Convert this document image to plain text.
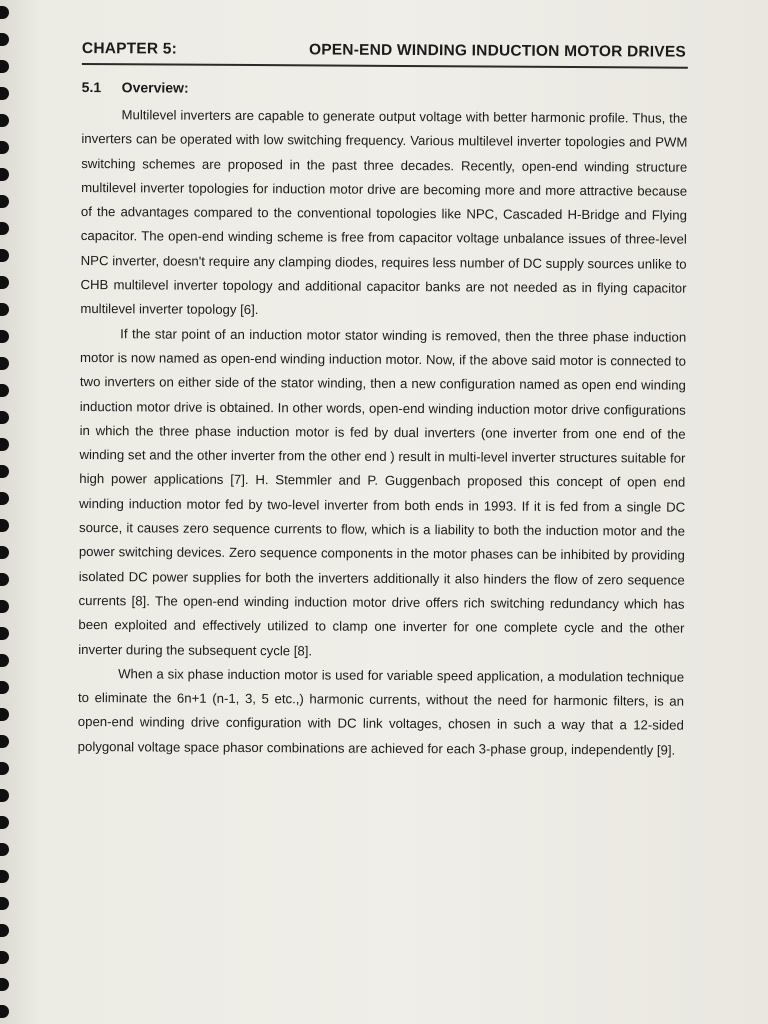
CHAPTER 5:	OPEN-END WINDING INDUCTION MOTOR DRIVES
5.1 Overview:

Multilevel inverters are capable to generate output voltage with better harmonic profile. Thus, the inverters can be operated with low switching frequency. Various multilevel inverter topologies and PWM switching schemes are proposed in the past three decades. Recently, open-end winding structure multilevel inverter topologies for induction motor drive are becoming more and more attractive because of the advantages compared to the conventional topologies like NPC, Cascaded H-Bridge and Flying capacitor. The open-end winding scheme is free from capacitor voltage unbalance issues of three-level NPC inverter, doesn't require any clamping diodes, requires less number of DC supply sources unlike to CHB multilevel inverter topology and additional capacitor banks are not needed as in flying capacitor multilevel inverter topology [6].

If the star point of an induction motor stator winding is removed, then the three phase induction motor is now named as open-end winding induction motor. Now, if the above said motor is connected to two inverters on either side of the stator winding, then a new configuration named as open end winding induction motor drive is obtained. In other words, open-end winding induction motor drive configurations in which the three phase induction motor is fed by dual inverters (one inverter from one end of the winding set and the other inverter from the other end ) result in multi-level inverter structures suitable for high power applications [7]. H. Stemmler and P. Guggenbach proposed this concept of open end winding induction motor fed by two-level inverter from both ends in 1993. If it is fed from a single DC source, it causes zero sequence currents to flow, which is a liability to both the induction motor and the power switching devices. Zero sequence components in the motor phases can be inhibited by providing isolated DC power supplies for both the inverters additionally it also hinders the flow of zero sequence currents [8]. The open-end winding induction motor drive offers rich switching redundancy which has been exploited and effectively utilized to clamp one inverter for one complete cycle and the other inverter during the subsequent cycle [8].

When a six phase induction motor is used for variable speed application, a modulation technique to eliminate the 6n+1 (n-1, 3, 5 etc.,) harmonic currents, without the need for harmonic filters, is an open-end winding drive configuration with DC link voltages, chosen in such a way that a 12-sided polygonal voltage space phasor combinations are achieved for each 3-phase group, independently [9].
